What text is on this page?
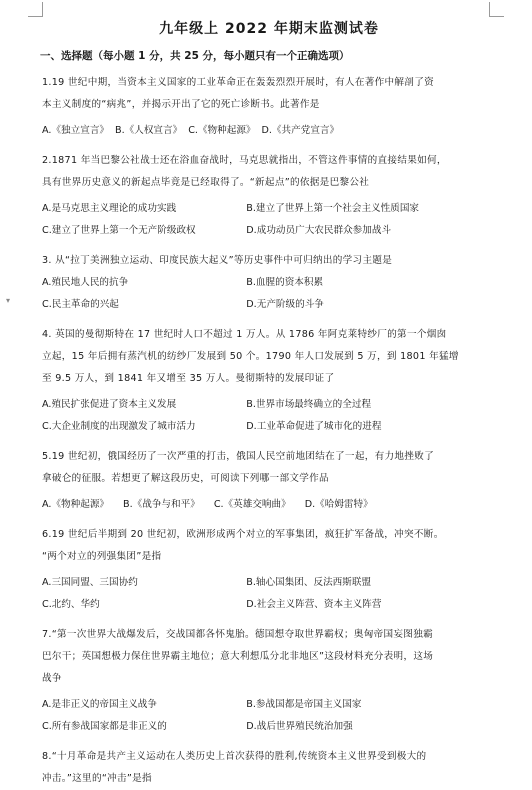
▾
九年级上 2022 年期末监测试卷
一、选择题（每小题 1 分，共 25 分，每小题只有一个正确选项）

1.19 世纪中期，当资本主义国家的工业革命正在轰轰烈烈开展时，有人在著作中解剖了资

本主义制度的“病兆”，并揭示开出了它的死亡诊断书。此著作是

A.《独立宣言》 B.《人权宣言》 C.《物种起源》 D.《共产党宣言》

2.1871 年当巴黎公社战士还在浴血奋战时，马克思就指出，不管这件事情的直接结果如何，

具有世界历史意义的新起点毕竟是已经取得了。“新起点”的依据是巴黎公社

A.是马克思主义理论的成功实践	B.建立了世界上第一个社会主义性质国家
C.建立了世界上第一个无产阶级政权	D.成功动员广大农民群众参加战斗

3. 从“拉丁美洲独立运动、印度民族大起义”等历史事件中可归纳出的学习主题是

A.殖民地人民的抗争	B.血腥的资本积累
C.民主革命的兴起	D.无产阶级的斗争

4. 英国的曼彻斯特在 17 世纪时人口不超过 1 万人。从 1786 年阿克莱特纱厂的第一个烟囱

立起，15 年后拥有蒸汽机的纺纱厂发展到 50 个。1790 年人口发展到 5 万，到 1801 年猛增

至 9.5 万人，到 1841 年又增至 35 万人。曼彻斯特的发展印证了

A.殖民扩张促进了资本主义发展	B.世界市场最终确立的全过程
C.大企业制度的出现激发了城市活力	D.工业革命促进了城市化的进程

5.19 世纪初，俄国经历了一次严重的打击，俄国人民空前地团结在了一起，有力地挫败了

拿破仑的征服。若想更了解这段历史，可阅读下列哪一部文学作品

A.《物种起源》 B.《战争与和平》 C.《英雄交响曲》 D.《哈姆雷特》

6.19 世纪后半期到 20 世纪初，欧洲形成两个对立的军事集团，疯狂扩军备战，冲突不断。

“两个对立的列强集团”是指

A.三国同盟、三国协约	B.轴心国集团、反法西斯联盟
C.北约、华约	D.社会主义阵营、资本主义阵营

7.“第一次世界大战爆发后，交战国都各怀鬼胎。德国想夺取世界霸权；奥匈帝国妄图独霸

巴尔干；英国想极力保住世界霸主地位；意大利想瓜分北非地区”这段材料充分表明，这场

战争

A.是非正义的帝国主义战争	B.参战国都是帝国主义国家
C.所有参战国家都是非正义的	D.战后世界殖民统治加强

8.“十月革命是共产主义运动在人类历史上首次获得的胜利,传统资本主义世界受到极大的

冲击。”这里的“冲击”是指
